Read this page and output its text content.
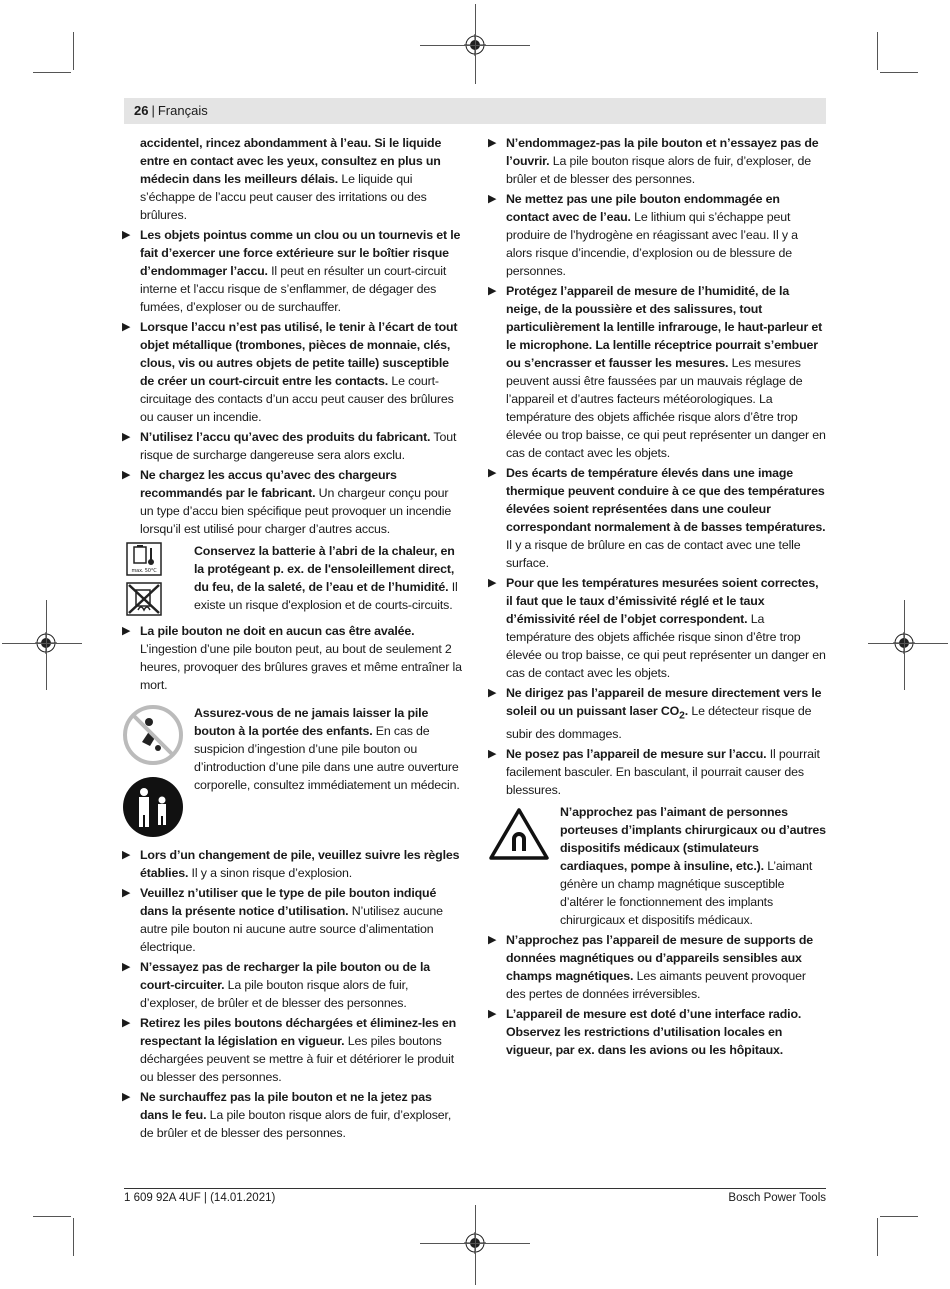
26 | Français
accidentel, rincez abondamment à l’eau. Si le liquide entre en contact avec les yeux, consultez en plus un médecin dans les meilleurs délais. Le liquide qui s’échappe de l’accu peut causer des irritations ou des brûlures.
▶ Les objets pointus comme un clou ou un tournevis et le fait d’exercer une force extérieure sur le boîtier risque d’endommager l’accu. Il peut en résulter un court-circuit interne et l’accu risque de s’enflammer, de dégager des fumées, d’exploser ou de surchauffer.
▶ Lorsque l’accu n’est pas utilisé, le tenir à l’écart de tout objet métallique (trombones, pièces de monnaie, clés, clous, vis ou autres objets de petite taille) susceptible de créer un court-circuit entre les contacts. Le court-circuitage des contacts d’un accu peut causer des brûlures ou causer un incendie.
▶ N’utilisez l’accu qu’avec des produits du fabricant. Tout risque de surcharge dangereuse sera alors exclu.
▶ Ne chargez les accus qu’avec des chargeurs recommandés par le fabricant. Un chargeur conçu pour un type d’accu bien spécifique peut provoquer un incendie lorsqu’il est utilisé pour charger d’autres accus.
max. 50°C
Conservez la batterie à l’abri de la chaleur, en la protégeant p. ex. de l'ensoleillement direct, du feu, de la saleté, de l’eau et de l’humidité. Il existe un risque d'explosion et de courts-circuits.
▶ La pile bouton ne doit en aucun cas être avalée. L’ingestion d’une pile bouton peut, au bout de seulement 2 heures, provoquer des brûlures graves et même entraîner la mort.
Assurez-vous de ne jamais laisser la pile bouton à la portée des enfants. En cas de suspicion d’ingestion d’une pile bouton ou d’introduction d’une pile dans une autre ouverture corporelle, consultez immédiatement un médecin.
▶ Lors d’un changement de pile, veuillez suivre les règles établies. Il y a sinon risque d’explosion.
▶ Veuillez n’utiliser que le type de pile bouton indiqué dans la présente notice d’utilisation. N’utilisez aucune autre pile bouton ni aucune autre source d’alimentation électrique.
▶ N’essayez pas de recharger la pile bouton ou de la court-circuiter. La pile bouton risque alors de fuir, d’exploser, de brûler et de blesser des personnes.
▶ Retirez les piles boutons déchargées et éliminez-les en respectant la législation en vigueur. Les piles boutons déchargées peuvent se mettre à fuir et détériorer le produit ou blesser des personnes.
▶ Ne surchauffez pas la pile bouton et ne la jetez pas dans le feu. La pile bouton risque alors de fuir, d’exploser, de brûler et de blesser des personnes.
▶ N’endommagez-pas la pile bouton et n’essayez pas de l’ouvrir. La pile bouton risque alors de fuir, d’exploser, de brûler et de blesser des personnes.
▶ Ne mettez pas une pile bouton endommagée en contact avec de l’eau. Le lithium qui s’échappe peut produire de l’hydrogène en réagissant avec l’eau. Il y a alors risque d’incendie, d’explosion ou de blessure de personnes.
▶ Protégez l’appareil de mesure de l’humidité, de la neige, de la poussière et des salissures, tout particulièrement la lentille infrarouge, le haut-parleur et le microphone. La lentille réceptrice pourrait s’embuer ou s’encrasser et fausser les mesures. Les mesures peuvent aussi être faussées par un mauvais réglage de l’appareil et d’autres facteurs météorologiques. La température des objets affichée risque alors d’être trop élevée ou trop baisse, ce qui peut représenter un danger en cas de contact avec les objets.
▶ Des écarts de température élevés dans une image thermique peuvent conduire à ce que des températures élevées soient représentées dans une couleur correspondant normalement à de basses températures. Il y a risque de brûlure en cas de contact avec une telle surface.
▶ Pour que les températures mesurées soient correctes, il faut que le taux d’émissivité réglé et le taux d’émissivité réel de l’objet correspondent. La température des objets affichée risque sinon d’être trop élevée ou trop baisse, ce qui peut représenter un danger en cas de contact avec les objets.
▶ Ne dirigez pas l’appareil de mesure directement vers le soleil ou un puissant laser $CO_2$. Le détecteur risque de subir des dommages.
▶ Ne posez pas l’appareil de mesure sur l’accu. Il pourrait facilement basculer. En basculant, il pourrait causer des blessures.
N’approchez pas l’aimant de personnes porteuses d’implants chirurgicaux ou d’autres dispositifs médicaux (stimulateurs cardiaques, pompe à insuline, etc.). L’aimant génère un champ magnétique susceptible d’altérer le fonctionnement des implants chirurgicaux et dispositifs médicaux.
▶ N’approchez pas l’appareil de mesure de supports de données magnétiques ou d’appareils sensibles aux champs magnétiques. Les aimants peuvent provoquer des pertes de données irréversibles.
▶ L’appareil de mesure est doté d’une interface radio. Observez les restrictions d’utilisation locales en vigueur, par ex. dans les avions ou les hôpitaux.
1 609 92A 4UF | (14.01.2021)	Bosch Power Tools
